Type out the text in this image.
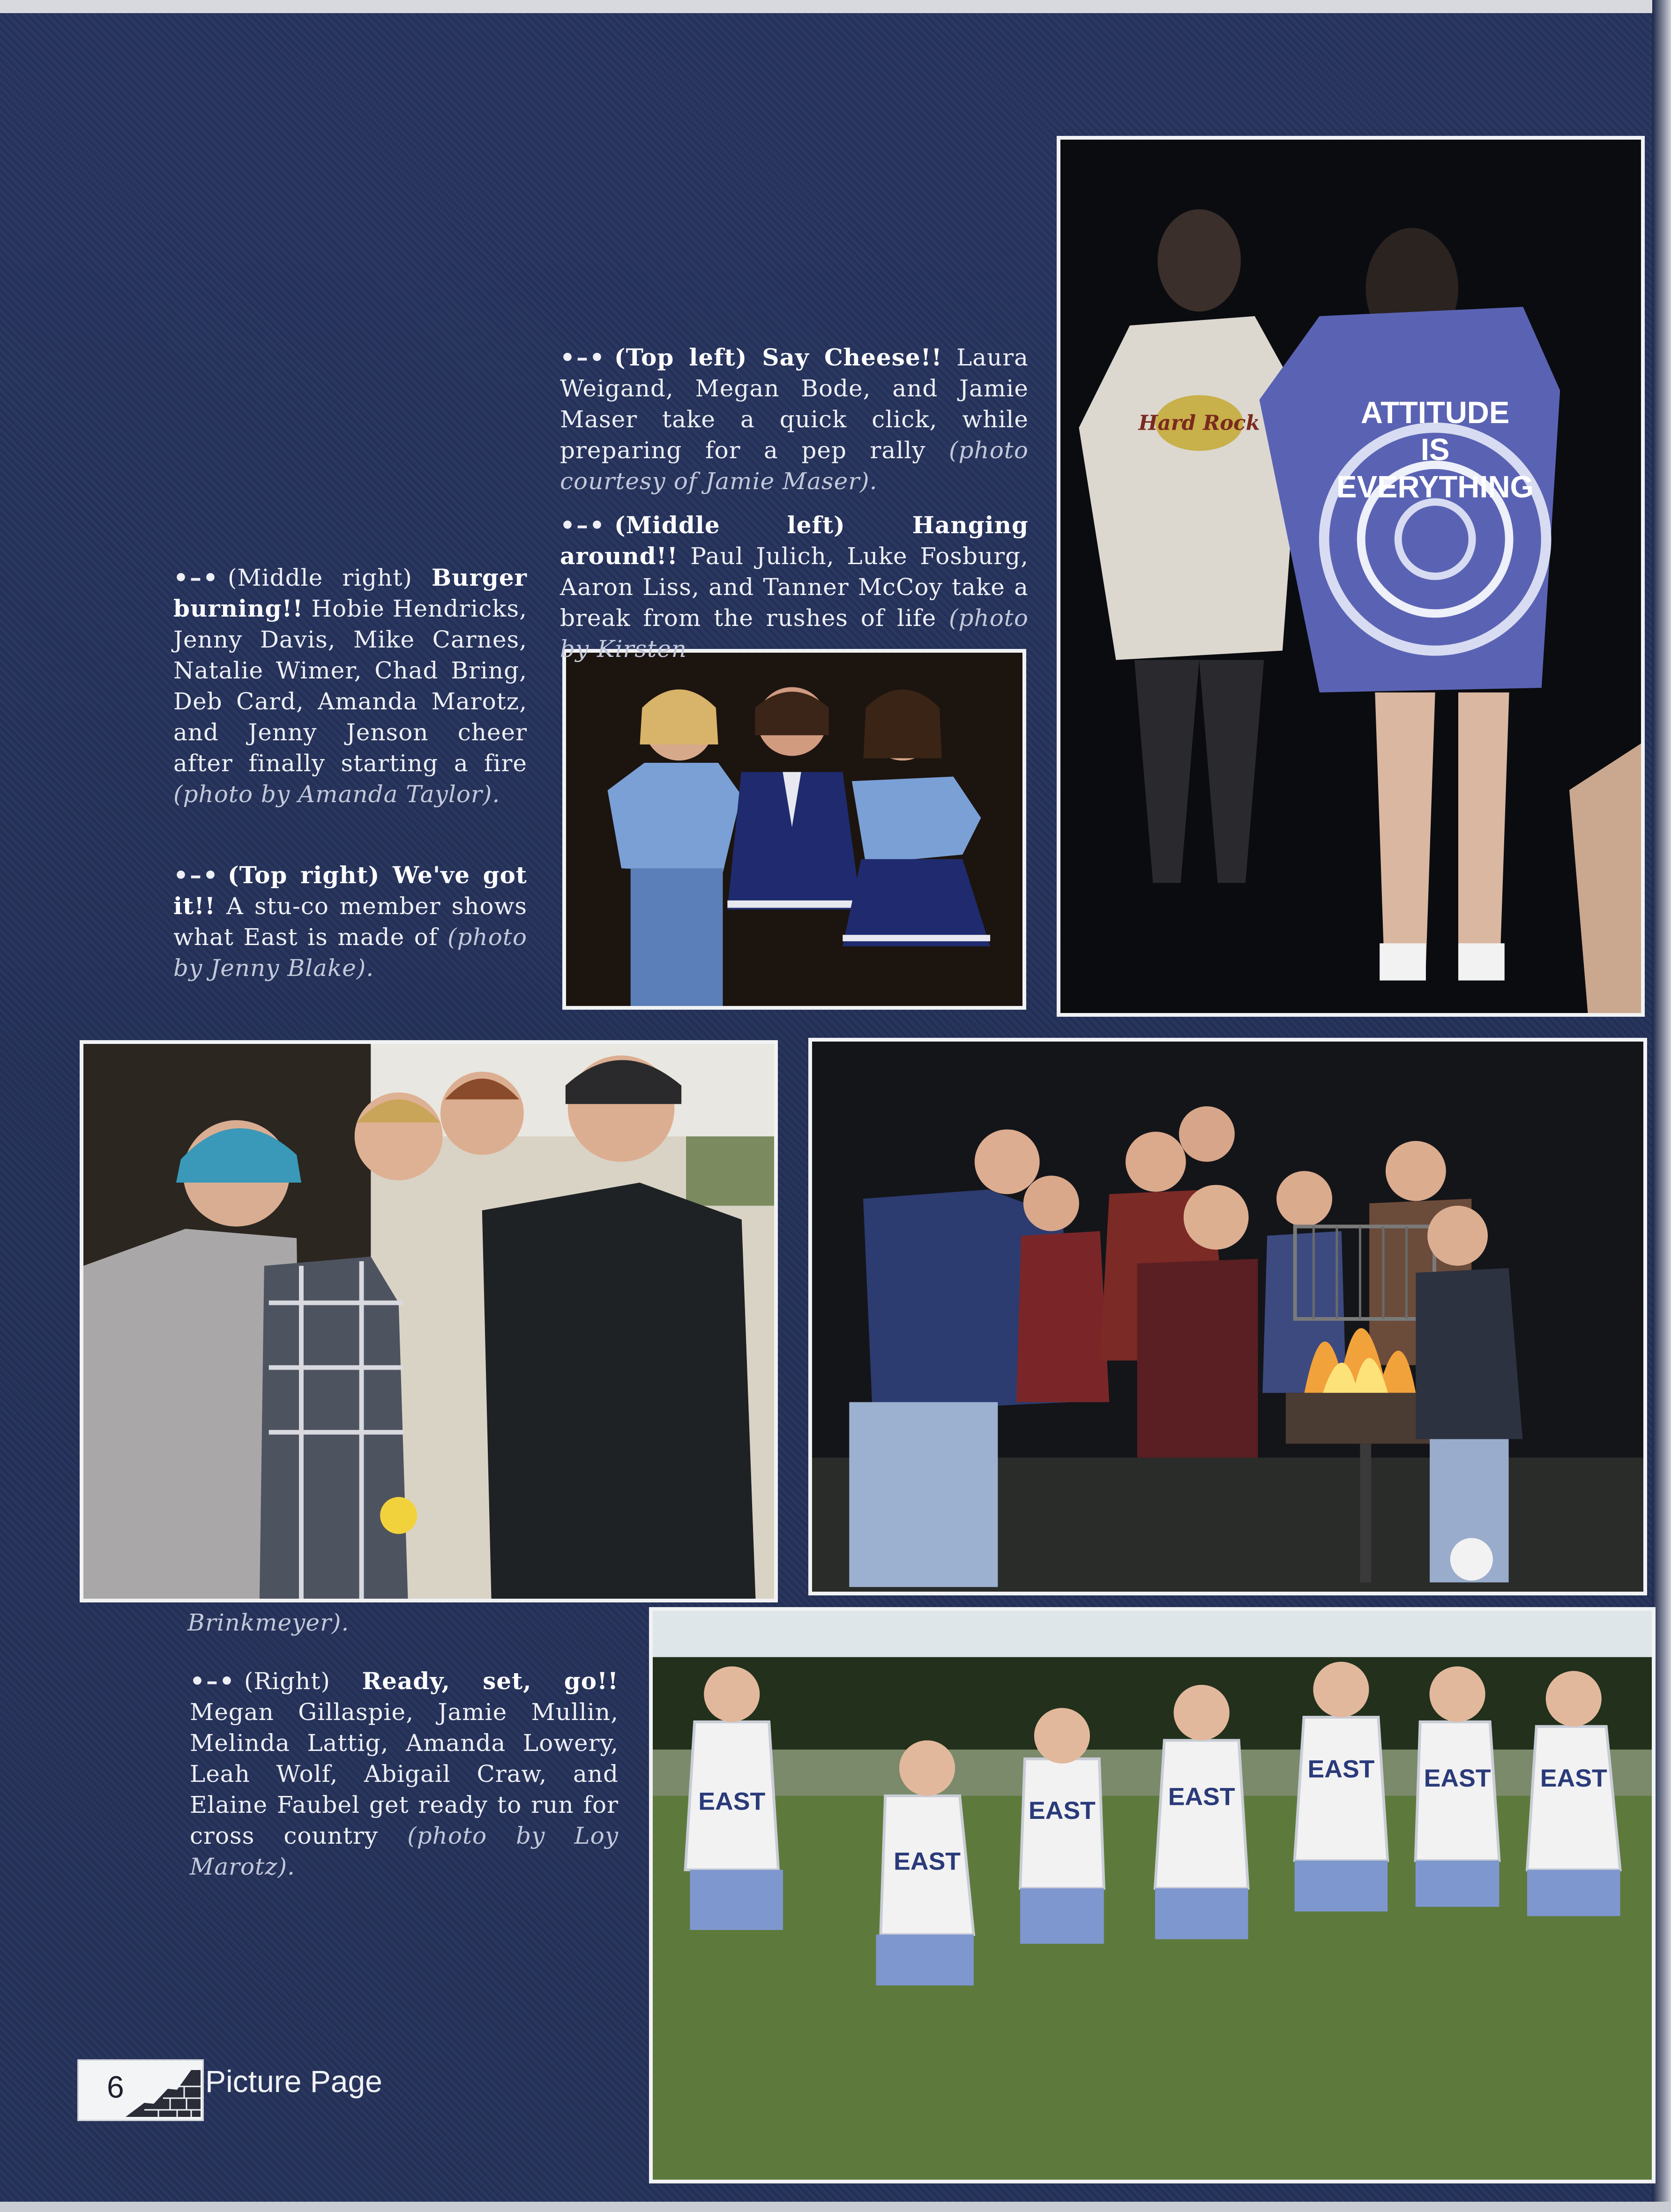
Hard Rock	ATTITUDE
IS
EVERYTHING
EAST
EAST
EAST
EAST
EAST EAST EAST
•–• (Top left) Say Cheese!! Laura Weigand, Megan Bode, and Jamie Maser take a quick click, while preparing for a pep rally (photo courtesy of Jamie Maser).
•–• (Middle left) Hanging around!! Paul Julich, Luke Fosburg, Aaron Liss, and Tanner McCoy take a break from the rushes of life (photo by Kirsten
Brinkmeyer).
•–• (Middle right) Burger burning!! Hobie Hendricks, Jenny Davis, Mike Carnes, Natalie Wimer, Chad Bring, Deb Card, Amanda Marotz, and Jenny Jenson cheer after finally starting a fire (photo by Amanda Taylor).
•–• (Top right) We've got it!! A stu-co member shows what East is made of (photo by Jenny Blake).
•–• (Right) Ready, set, go!! Megan Gillaspie, Jamie Mullin, Melinda Lattig, Amanda Lowery, Leah Wolf, Abigail Craw, and Elaine Faubel get ready to run for cross country (photo by Loy Marotz).
6	Picture Page
